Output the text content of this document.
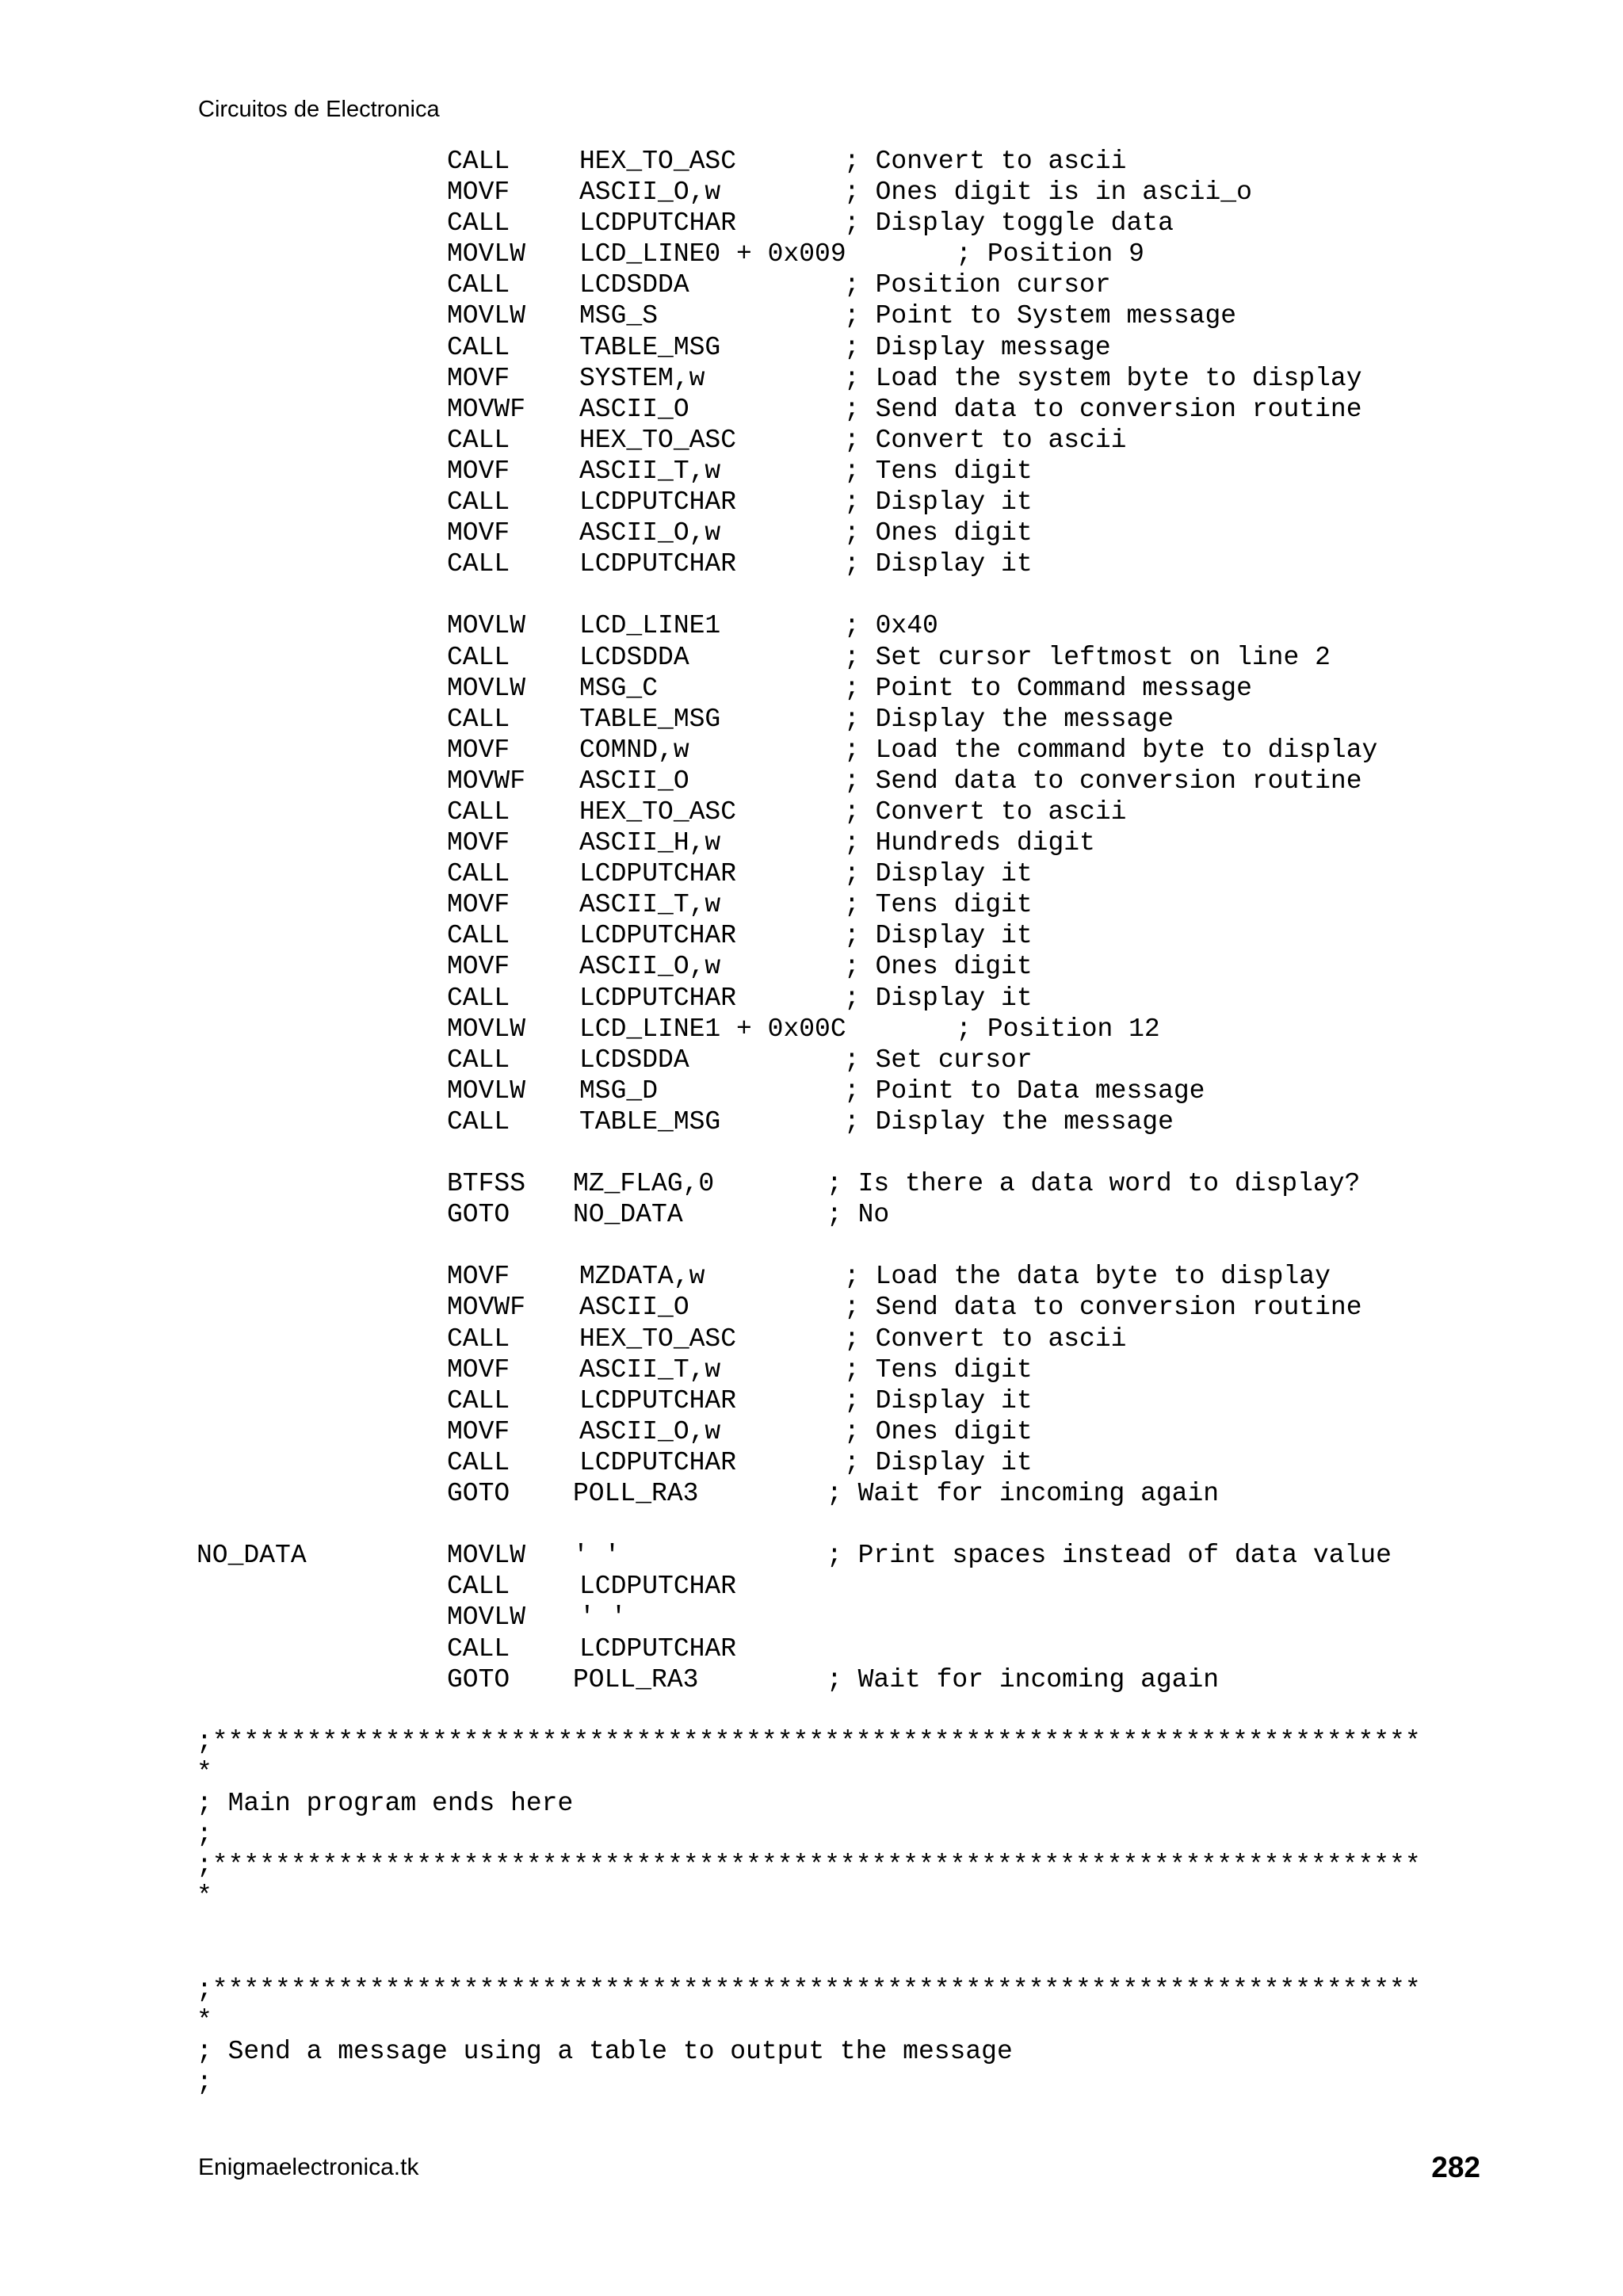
Circuitos de Electronica
CALL	HEX_TO_ASC	; Convert to ascii
MOVF	ASCII_O,w	; Ones digit is in ascii_o
CALL	LCDPUTCHAR	; Display toggle data
MOVLW LCD_LINE0 + 0x009       ; Position 9
CALL	LCDSDDA	; Position cursor
MOVLW MSG_S	; Point to System message
CALL	TABLE_MSG	; Display message
MOVF	SYSTEM,w	; Load the system byte to display
MOVWF ASCII_O	; Send data to conversion routine
CALL	HEX_TO_ASC	; Convert to ascii
MOVF	ASCII_T,w	; Tens digit
CALL	LCDPUTCHAR	; Display it
MOVF	ASCII_O,w	; Ones digit
CALL	LCDPUTCHAR	; Display it
MOVLW LCD_LINE1	; 0x40
CALL	LCDSDDA	; Set cursor leftmost on line 2
MOVLW MSG_C	; Point to Command message
CALL	TABLE_MSG	; Display the message
MOVF	COMND,w	; Load the command byte to display
MOVWF ASCII_O	; Send data to conversion routine
CALL	HEX_TO_ASC	; Convert to ascii
MOVF	ASCII_H,w	; Hundreds digit
CALL	LCDPUTCHAR	; Display it
MOVF	ASCII_T,w	; Tens digit
CALL	LCDPUTCHAR	; Display it
MOVF	ASCII_O,w	; Ones digit
CALL	LCDPUTCHAR	; Display it
MOVLW LCD_LINE1 + 0x00C       ; Position 12
CALL	LCDSDDA	; Set cursor
MOVLW MSG_D	; Point to Data message
CALL	TABLE_MSG	; Display the message
BTFSS MZ_FLAG,0	; Is there a data word to display?
GOTO NO_DATA	; No
MOVF	MZDATA,w	; Load the data byte to display
MOVWF ASCII_O	; Send data to conversion routine
CALL	HEX_TO_ASC	; Convert to ascii
MOVF	ASCII_T,w	; Tens digit
CALL	LCDPUTCHAR	; Display it
MOVF	ASCII_O,w	; Ones digit
CALL	LCDPUTCHAR	; Display it
GOTO POLL_RA3	; Wait for incoming again
NO_DATA	MOVLW ' '	; Print spaces instead of data value
CALL	LCDPUTCHAR
MOVLW ' '
CALL	LCDPUTCHAR
GOTO POLL_RA3	; Wait for incoming again
;*****************************************************************************
*
; Main program ends here
;
;*****************************************************************************
*
;*****************************************************************************
*
; Send a message using a table to output the message
;
Enigmaelectronica.tk	282
